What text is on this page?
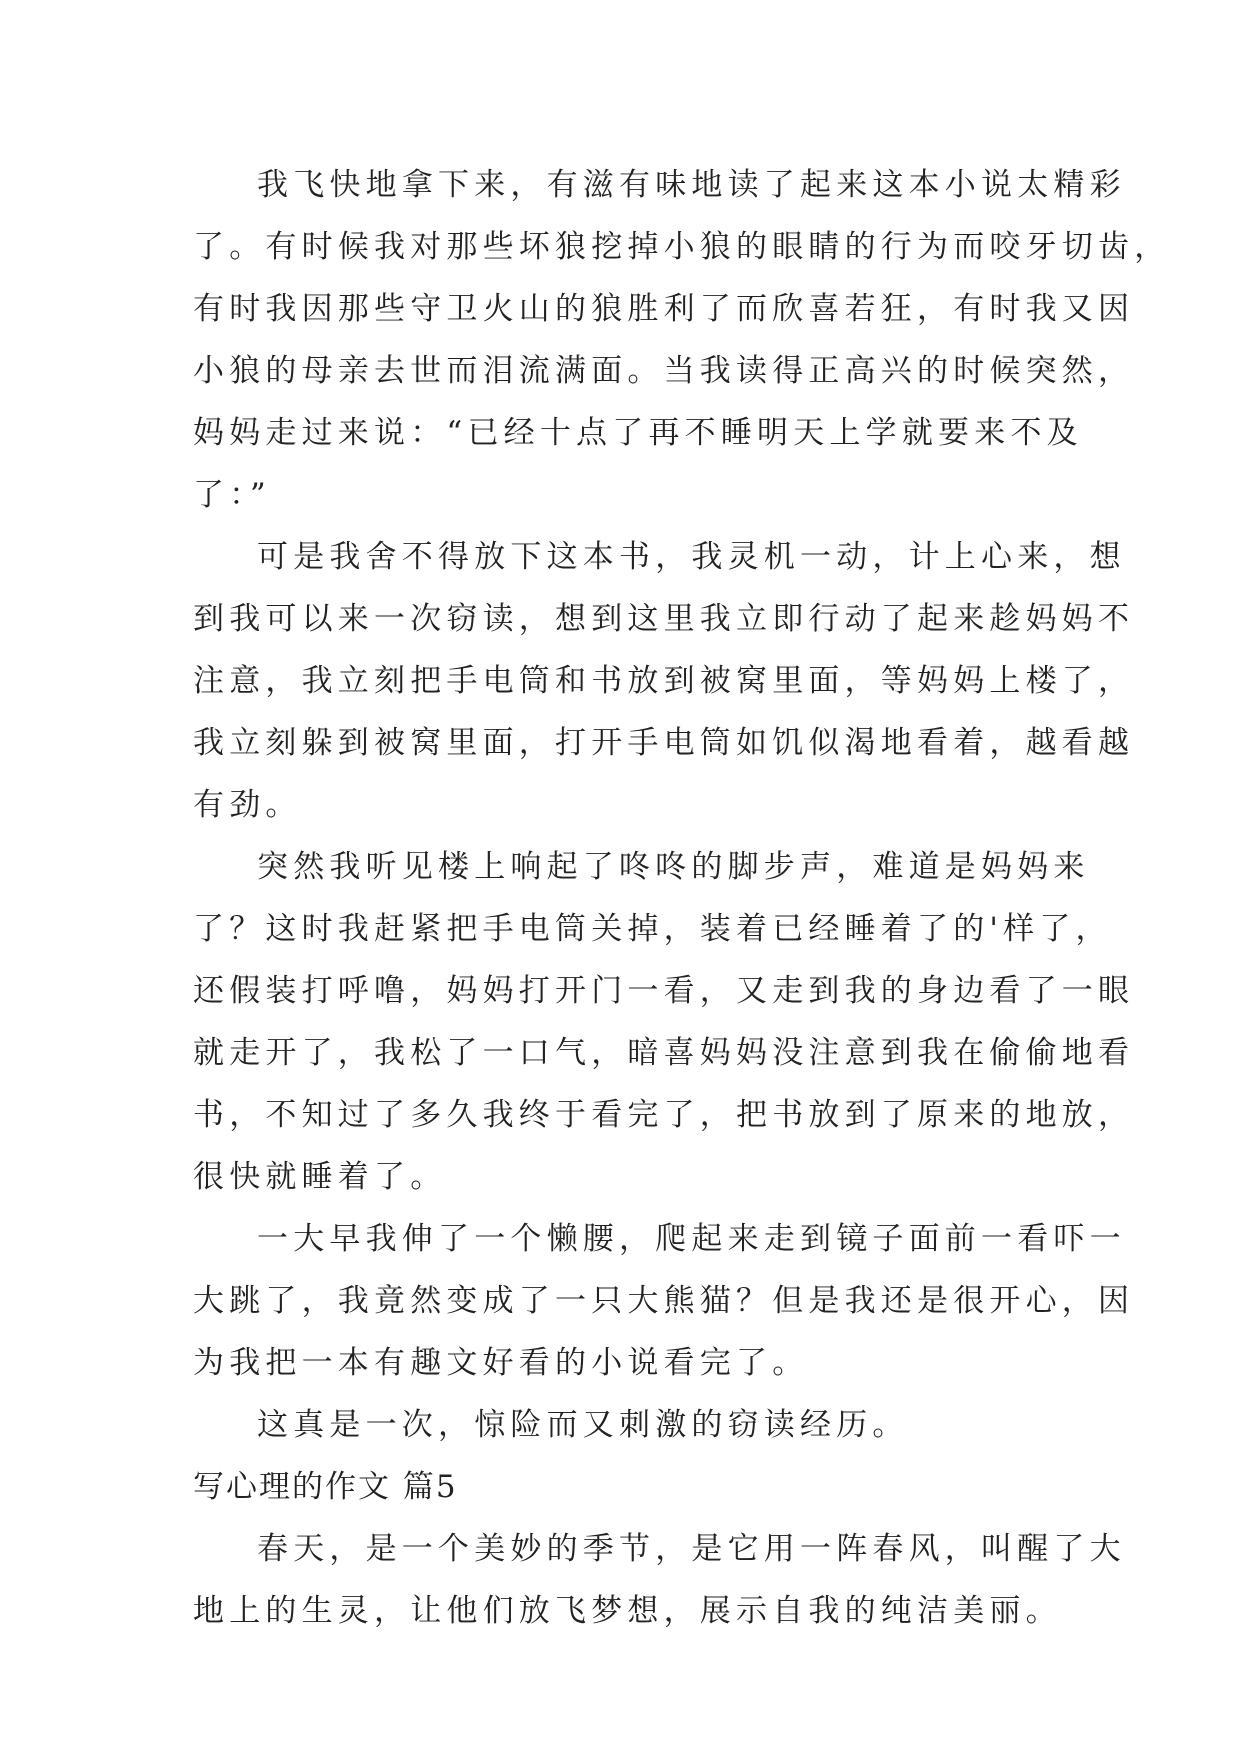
我飞快地拿下来，有滋有味地读了起来这本小说太精彩
了。有时候我对那些坏狼挖掉小狼的眼睛的行为而咬牙切齿，
有时我因那些守卫火山的狼胜利了而欣喜若狂，有时我又因
小狼的母亲去世而泪流满面。当我读得正高兴的时候突然，
妈妈走过来说：“已经十点了再不睡明天上学就要来不及
了：”
可是我舍不得放下这本书，我灵机一动，计上心来，想
到我可以来一次窃读，想到这里我立即行动了起来趁妈妈不
注意，我立刻把手电筒和书放到被窝里面，等妈妈上楼了，
我立刻躲到被窝里面，打开手电筒如饥似渴地看着，越看越
有劲。
突然我听见楼上响起了咚咚的脚步声，难道是妈妈来
了？这时我赶紧把手电筒关掉，装着已经睡着了的'样了，
还假装打呼噜，妈妈打开门一看，又走到我的身边看了一眼
就走开了，我松了一口气，暗喜妈妈没注意到我在偷偷地看
书，不知过了多久我终于看完了，把书放到了原来的地放，
很快就睡着了。
一大早我伸了一个懒腰，爬起来走到镜子面前一看吓一
大跳了，我竟然变成了一只大熊猫？但是我还是很开心，因
为我把一本有趣文好看的小说看完了。
这真是一次，惊险而又刺激的窃读经历。
写心理的作文 篇5
春天，是一个美妙的季节，是它用一阵春风，叫醒了大
地上的生灵，让他们放飞梦想，展示自我的纯洁美丽。
